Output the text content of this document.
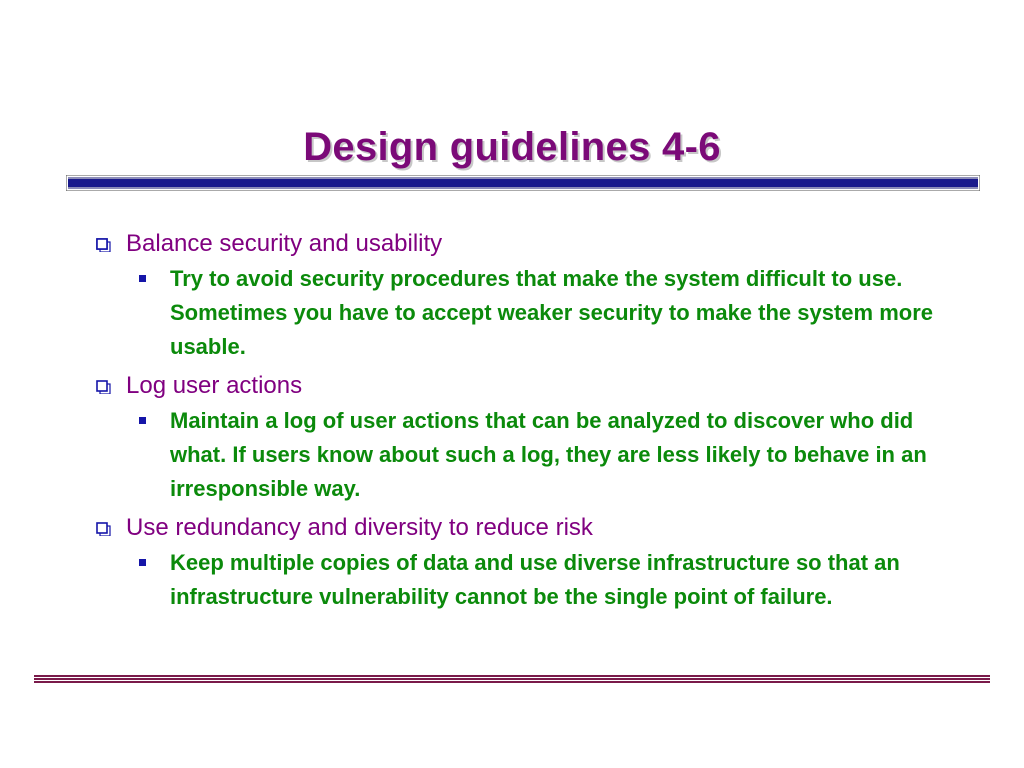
Design guidelines 4-6
Balance security and usability
Try to avoid security procedures that make the system difficult to use. Sometimes you have to accept weaker security to make the system more usable.
Log user actions
Maintain a log of user actions that can be analyzed to discover who did what. If users know about such a log, they are less likely to behave in an irresponsible way.
Use redundancy and diversity to reduce risk
Keep multiple copies of data and use diverse infrastructure so that an infrastructure vulnerability cannot be the single point of failure.
